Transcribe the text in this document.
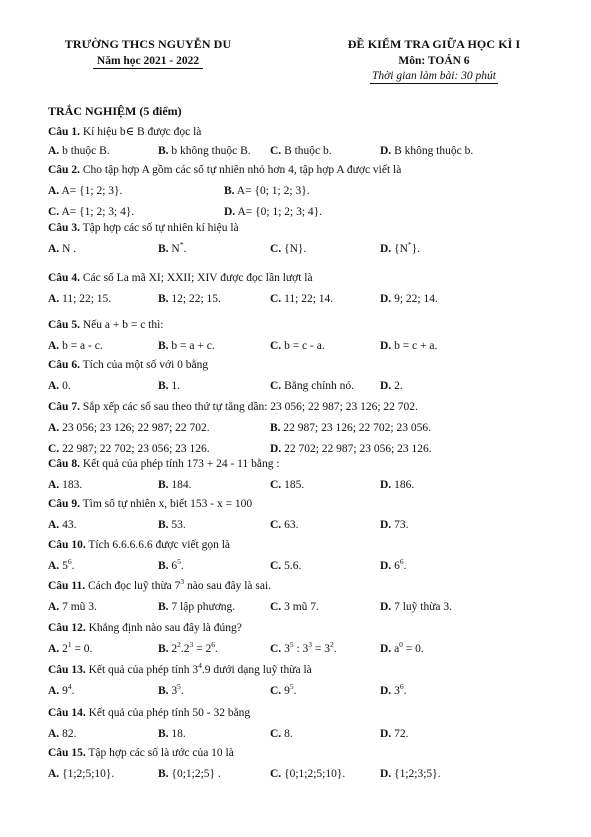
TRƯỜNG THCS NGUYỄN DU
Năm học 2021 - 2022
ĐỀ KIỂM TRA GIỮA HỌC KÌ I
Môn: TOÁN 6
Thời gian làm bài: 30 phút
TRẮC NGHIỆM (5 điểm)
Câu 1. Kí hiệu b∈ B được đọc là
A. b thuộc B.	B. b không thuộc B. C. B thuộc b.	D. B không thuộc b.
Câu 2. Cho tập hợp A gồm các số tự nhiên nhỏ hơn 4, tập hợp A được viết là
A. A= {1; 2; 3}.	B. A= {0; 1; 2; 3}.
C. A= {1; 2; 3; 4}.	D. A= {0; 1; 2; 3; 4}.
Câu 3. Tập hợp các số tự nhiên kí hiệu là
A. N .	B. N*.	C. {N}.	D. {N*}.
Câu 4. Các số La mã XI; XXII; XIV được đọc lần lượt là
A. 11; 22; 15.	B. 12; 22; 15.	C. 11; 22; 14.	D. 9; 22; 14.
Câu 5. Nếu a + b = c thì:
A. b = a - c.	B. b = a + c.	C. b = c - a.	D. b = c + a.
Câu 6. Tích của một số với 0 bằng
A. 0.	B. 1.	C. Bằng chính nó. D. 2.
Câu 7. Sắp xếp các số sau theo thứ tự tăng dần: 23 056; 22 987; 23 126; 22 702.
A. 23 056; 23 126; 22 987; 22 702.	B. 22 987; 23 126; 22 702; 23 056.
C. 22 987; 22 702; 23 056; 23 126.	D. 22 702; 22 987; 23 056; 23 126.
Câu 8. Kết quả của phép tính 173 + 24 - 11 bằng :
A. 183.	B. 184.	C. 185.	D. 186.
Câu 9. Tìm số tự nhiên x, biết 153 - x = 100
A. 43.	B. 53.	C. 63.	D. 73.
Câu 10. Tích 6.6.6.6.6 được viết gọn là
A. $5^6$.	B. $6^5$.	C. 5.6.	D. $6^6$.
Câu 11. Cách đọc luỹ thừa $7^3$ nào sau đây là sai.
A. 7 mũ 3.	B. 7 lập phương.	C. 3 mũ 7.	D. 7 luỹ thừa 3.
Câu 12. Khẳng định nào sau đây là đúng?
A. $2^1 = 0$.	B. $2^2.2^3 = 2^6$.	C. $3^5$ : $3^3 = 3^2$.	D. $a^0 = 0$.
Câu 13. Kết quả của phép tính $3^4.9$ dưới dạng luỹ thừa là
A. $9^4$.	B. $3^5$.	C. $9^5$.	D. $3^6$.
Câu 14. Kết quả của phép tính 50 - 32 bằng
A. 82.	B. 18.	C. 8.	D. 72.
Câu 15. Tập hợp các số là ước của 10 là
A. {1;2;5;10}.	B. {0;1;2;5} .	C. {0;1;2;5;10}.	D. {1;2;3;5}.
